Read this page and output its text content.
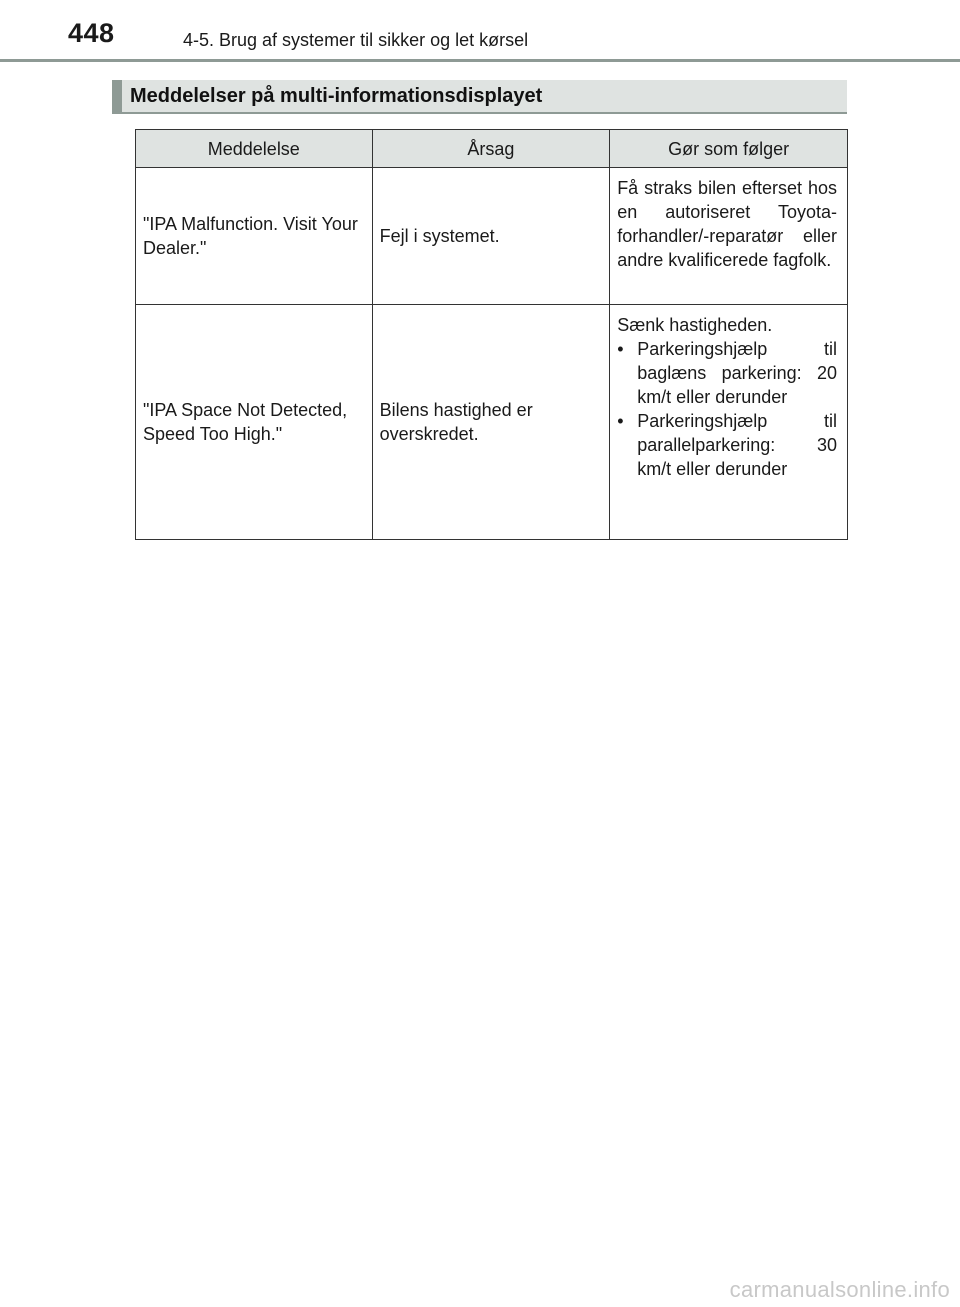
448	4-5. Brug af systemer til sikker og let kørsel
Meddelelser på multi-informationsdisplayet
Meddelelse	Årsag	Gør som følger
"IPA Malfunction. Visit Your Dealer."	Fejl i systemet.	Få straks bilen efterset hos en autoriseret Toyota-forhandler/-reparatør eller andre kvalificerede fagfolk.
"IPA Space Not Detected, Speed Too High."	Bilens hastighed er overskredet.	Sænk hastigheden.
• Parkeringshjælp til baglæns parkering: 20 km/t eller derunder
• Parkeringshjælp til parallelparkering: 30 km/t eller derunder
carmanualsonline.info
